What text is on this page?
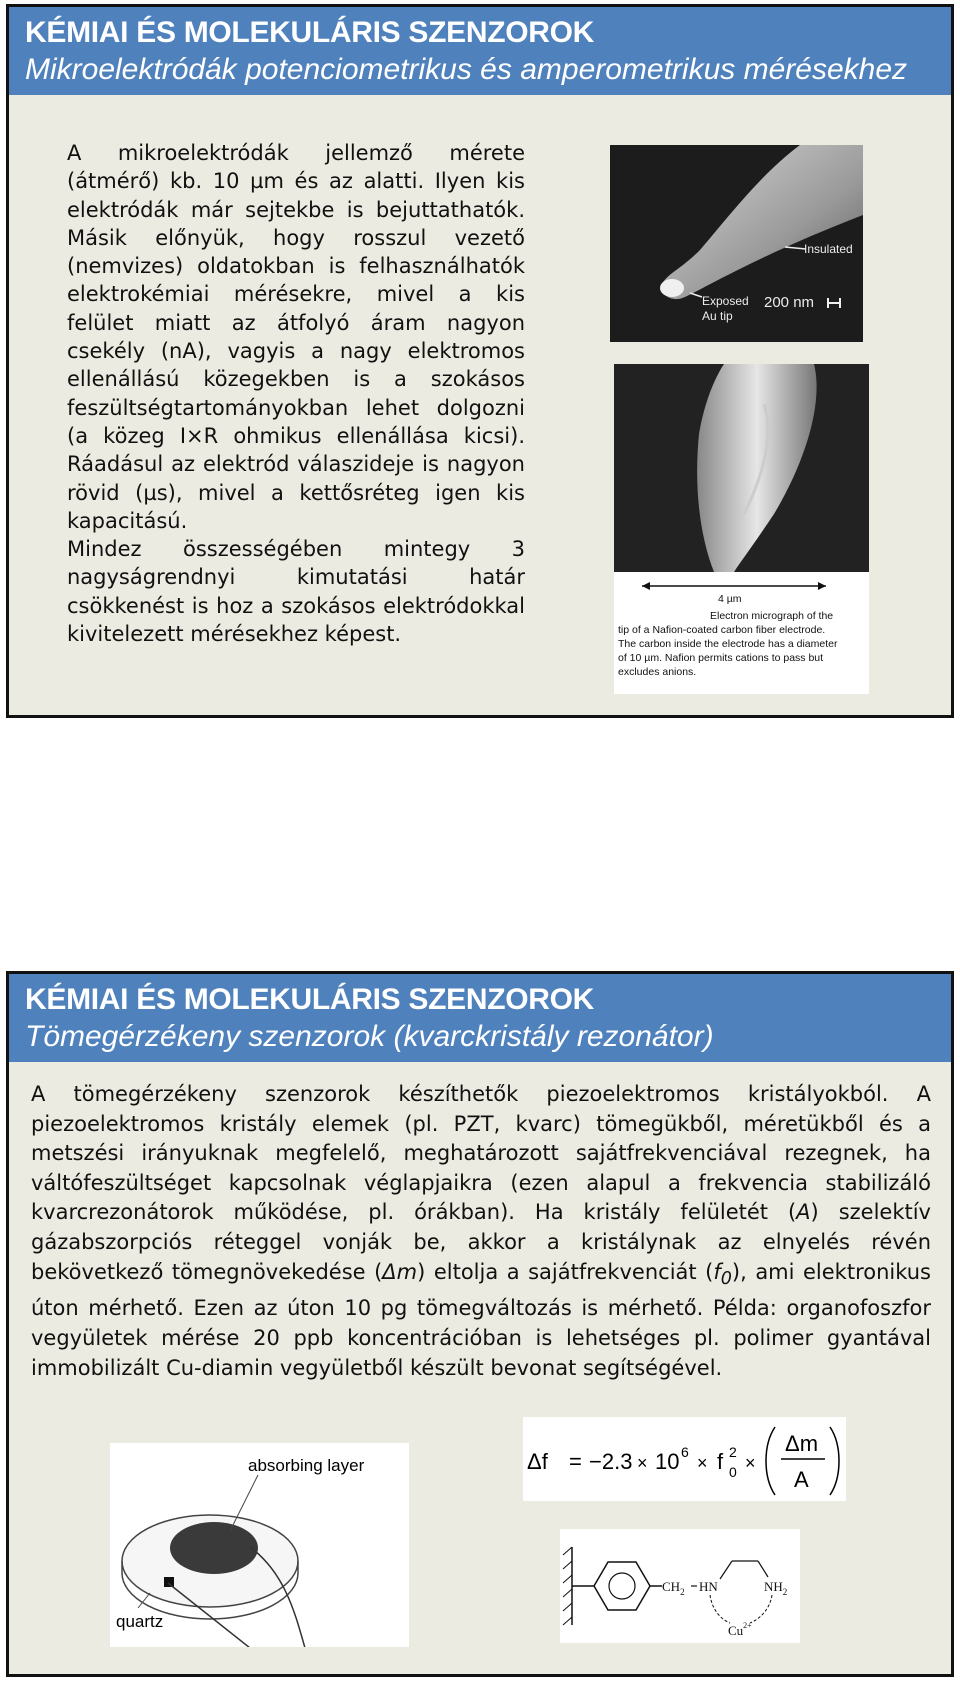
KÉMIAI ÉS MOLEKULÁRIS SZENZOROK
Mikroelektródák potenciometrikus és amperometrikus mérésekhez

A mikroelektródák jellemző mérete (átmérő) kb. 10 µm és az alatti. Ilyen kis elektródák már sejtekbe is bejuttathatók. Másik előnyük, hogy rosszul vezető (nemvizes) oldatokban is felhasználhatók elektrokémiai mérésekre, mivel a kis felület miatt az átfolyó áram nagyon csekély (nA), vagyis a nagy elektromos ellenállású közegekben is a szokásos feszültségtartományokban lehet dolgozni (a közeg I×R ohmikus ellenállása kicsi). Ráadásul az elektród válaszideje is nagyon rövid (µs), mivel a kettősréteg igen kis kapacitású.

Mindez összességében mintegy 3 nagyságrendnyi kimutatási határ csökkenést is hoz a szokásos elektródokkal kivitelezett mérésekhez képest.

Insulated
Exposed
Au tip
200 nm
4 µm
Electron micrograph of the
tip of a Nafion-coated carbon fiber electrode.
The carbon inside the electrode has a diameter
of 10 µm. Nafion permits cations to pass but
excludes anions.
KÉMIAI ÉS MOLEKULÁRIS SZENZOROK
Tömegérzékeny szenzorok (kvarckristály rezonátor)

A tömegérzékeny szenzorok készíthetők piezoelektromos kristályokból. A piezoelektromos kristály elemek (pl. PZT, kvarc) tömegükből, méretükből és a metszési irányuknak megfelelő, meghatározott sajátfrekvenciával rezegnek, ha váltófeszültséget kapcsolnak véglapjaikra (ezen alapul a frekvencia stabilizáló kvarcrezonátorok működése, pl. órákban). Ha kristály felületét (A) szelektív gázabszorpciós réteggel vonják be, akkor a kristálynak az elnyelés révén bekövetkező tömegnövekedése (Δm) eltolja a sajátfrekvenciát $(f_0)$, ami elektronikus úton mérhető. Ezen az úton 10 pg tömegváltozás is mérhető. Példa: organofoszfor vegyületek mérése 20 ppb koncentrációban is lehetséges pl. polimer gyantával immobilizált Cu-diamin vegyületből készült bevonat segítségével.

absorbing layer
quartz
Δf = −2.3 × 10 6
× f 2
0 ×
Δm
A
$CH_2$ HN	$NH_2$
$Cu^{2+}$
